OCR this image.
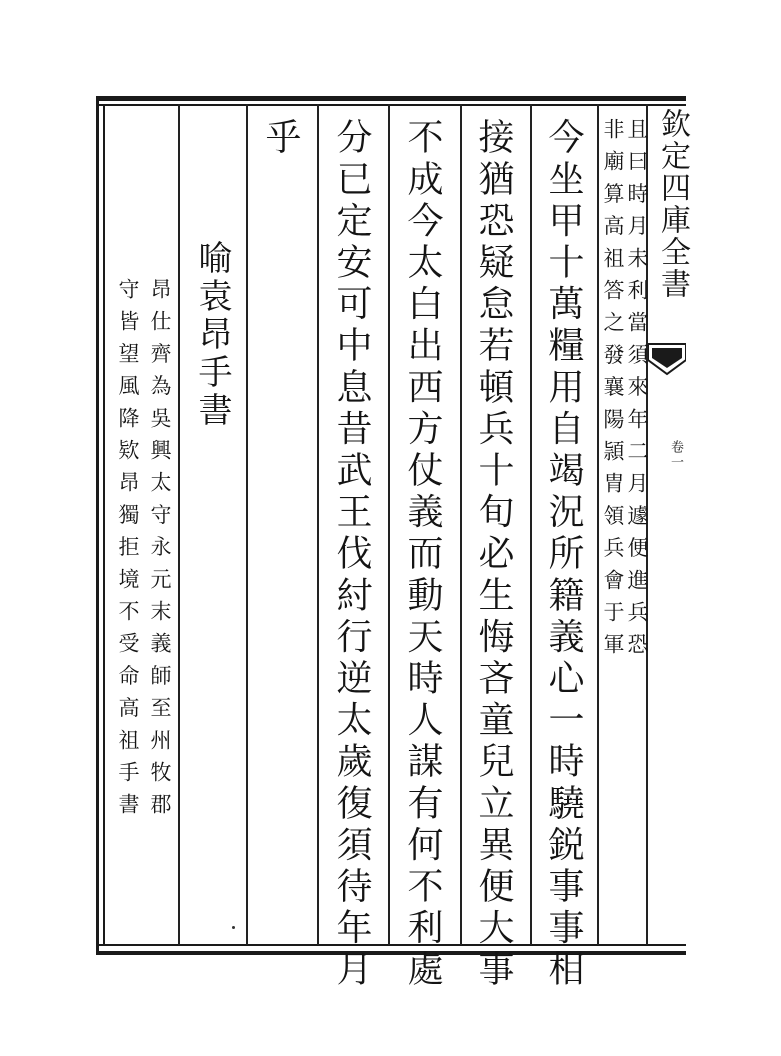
欽定四庫全書
卷一
且曰時月未利當須來年二月遽便進兵恐
非廟算高祖答之發襄陽頴胄領兵會于軍
今坐甲十萬糧用自竭況所籍義心一時驍鋭事事相
接猶恐疑怠若頓兵十旬必生悔吝童兒立異便大事
不成今太白出西方仗義而動天時人謀有何不利處
分已定安可中息昔武王伐紂行逆太歲復須待年月
乎
喻袁昂手書
昂仕齊為吳興太守永元末義師至州牧郡
守皆望風降欵昂獨拒境不受命高祖手書
